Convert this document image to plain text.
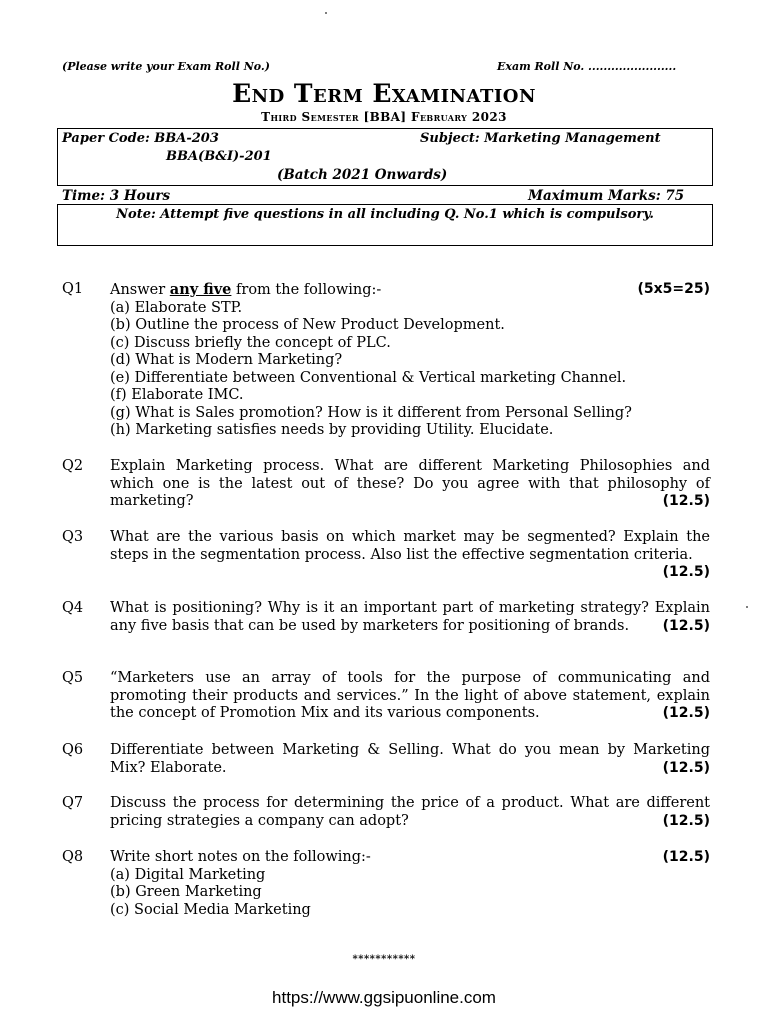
(Please write your Exam Roll No.)	Exam Roll No. .......................
End Term Examination
Third Semester [BBA] February 2023
Paper Code: BBA-203
BBA(B&I)-201
Subject: Marketing Management
(Batch 2021 Onwards)
Time: 3 Hours	Maximum Marks: 75
Note: Attempt five questions in all including Q. No.1 which is compulsory.
Q1 Answer any five from the following:-	(5x5=25)
(a) Elaborate STP.
(b) Outline the process of New Product Development.
(c) Discuss briefly the concept of PLC.
(d) What is Modern Marketing?
(e) Differentiate between Conventional & Vertical marketing Channel.
(f) Elaborate IMC.
(g) What is Sales promotion? How is it different from Personal Selling?
(h) Marketing satisfies needs by providing Utility. Elucidate.
Q2 Explain Marketing process. What are different Marketing Philosophies and which one is the latest out of these? Do you agree with that philosophy of marketing?	(12.5)

Q3 What are the various basis on which market may be segmented? Explain the steps in the segmentation process. Also list the effective segmentation criteria.
(12.5)

Q4 What is positioning? Why is it an important part of marketing strategy? Explain any five basis that can be used by marketers for positioning of brands. (12.5)

Q5 “Marketers use an array of tools for the purpose of communicating and promoting their products and services.” In the light of above statement, explain the concept of Promotion Mix and its various components.	(12.5)

Q6 Differentiate between Marketing & Selling. What do you mean by Marketing Mix? Elaborate.	(12.5)

Q7 Discuss the process for determining the price of a product. What are different pricing strategies a company can adopt?	(12.5)

Q8 Write short notes on the following:-	(12.5)
(a) Digital Marketing
(b) Green Marketing
(c) Social Media Marketing
***********
https://www.ggsipuonline.com
